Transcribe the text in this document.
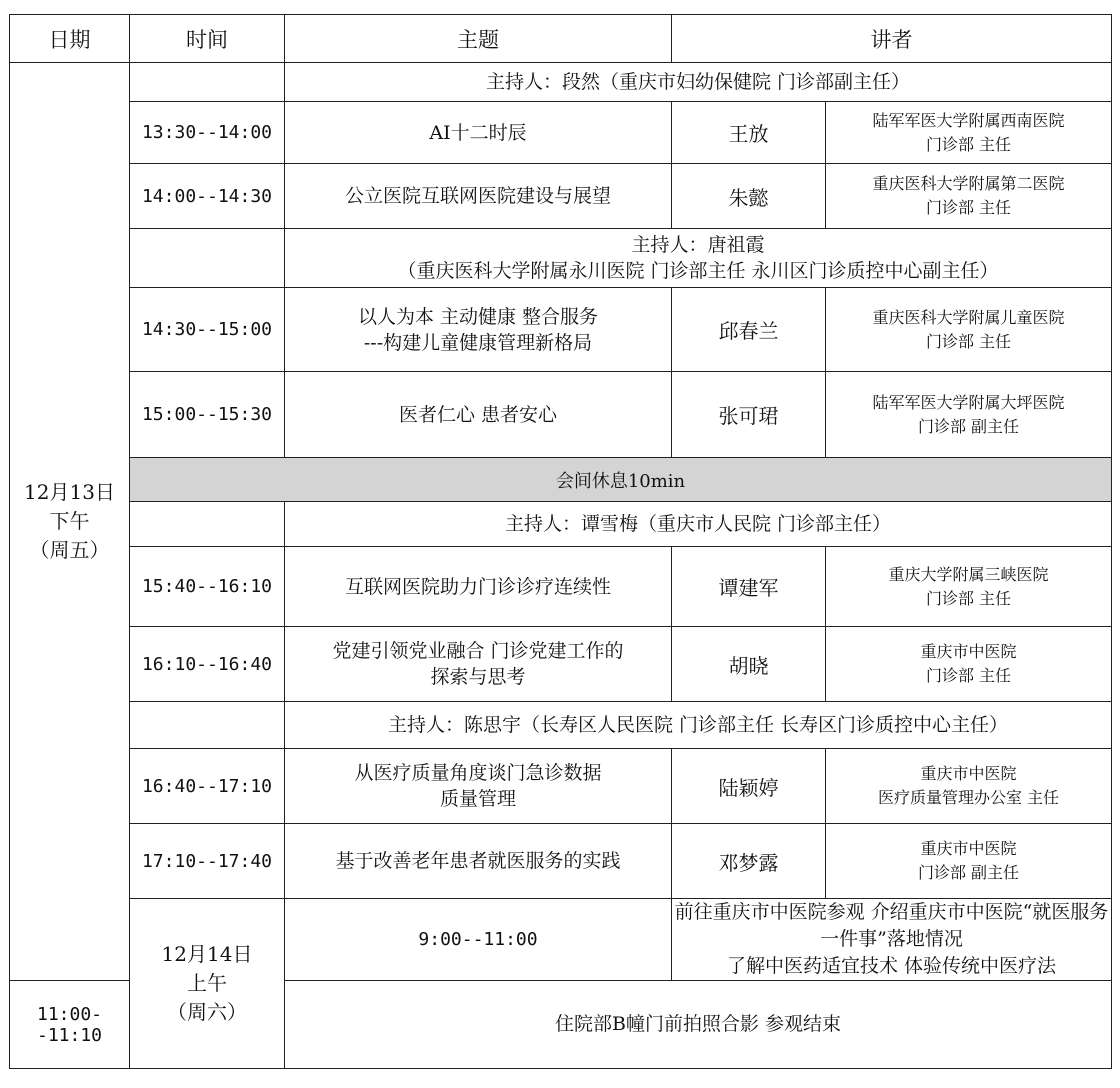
日期	时间	主题	讲者	

12月13日
下午
（周五）		主持人：段然（重庆市妇幼保健院 门诊部副主任）		
	13:30--14:00	AI十二时辰	王放	陆军军医大学附属西南医院
门诊部 主任

	14:00--14:30	公立医院互联网医院建设与展望	朱懿	重庆医科大学附属第二医院
门诊部 主任

		主持人：唐祖霞
（重庆医科大学附属永川医院 门诊部主任 永川区门诊质控中心副主任）		

	14:30--15:00	以人为本 主动健康 整合服务
---构建儿童健康管理新格局	邱春兰	重庆医科大学附属儿童医院
门诊部 主任

	15:00--15:30	医者仁心 患者安心	张可珺	陆军军医大学附属大坪医院
门诊部 副主任

	会间休息10min			
		主持人：谭雪梅（重庆市人民院 门诊部主任）		
	15:40--16:10	互联网医院助力门诊诊疗连续性	谭建军	重庆大学附属三峡医院
门诊部 主任

	16:10--16:40	党建引领党业融合 门诊党建工作的
探索与思考	胡晓	重庆市中医院
门诊部 主任

		主持人：陈思宇（长寿区人民医院 门诊部主任 长寿区门诊质控中心主任）		
	16:40--17:10	从医疗质量角度谈门急诊数据
质量管理	陆颖婷	重庆市中医院
医疗质量管理办公室 主任

	17:10--17:40	基于改善老年患者就医服务的实践	邓梦露	重庆市中医院
门诊部 副主任

	12月14日
上午
（周六）	9:00--11:00	前往重庆市中医院参观 介绍重庆市中医院“就医服务一件事”落地情况
了解中医药适宜技术 体验传统中医疗法	

11:00--11:10		住院部B幢门前拍照合影 参观结束		
